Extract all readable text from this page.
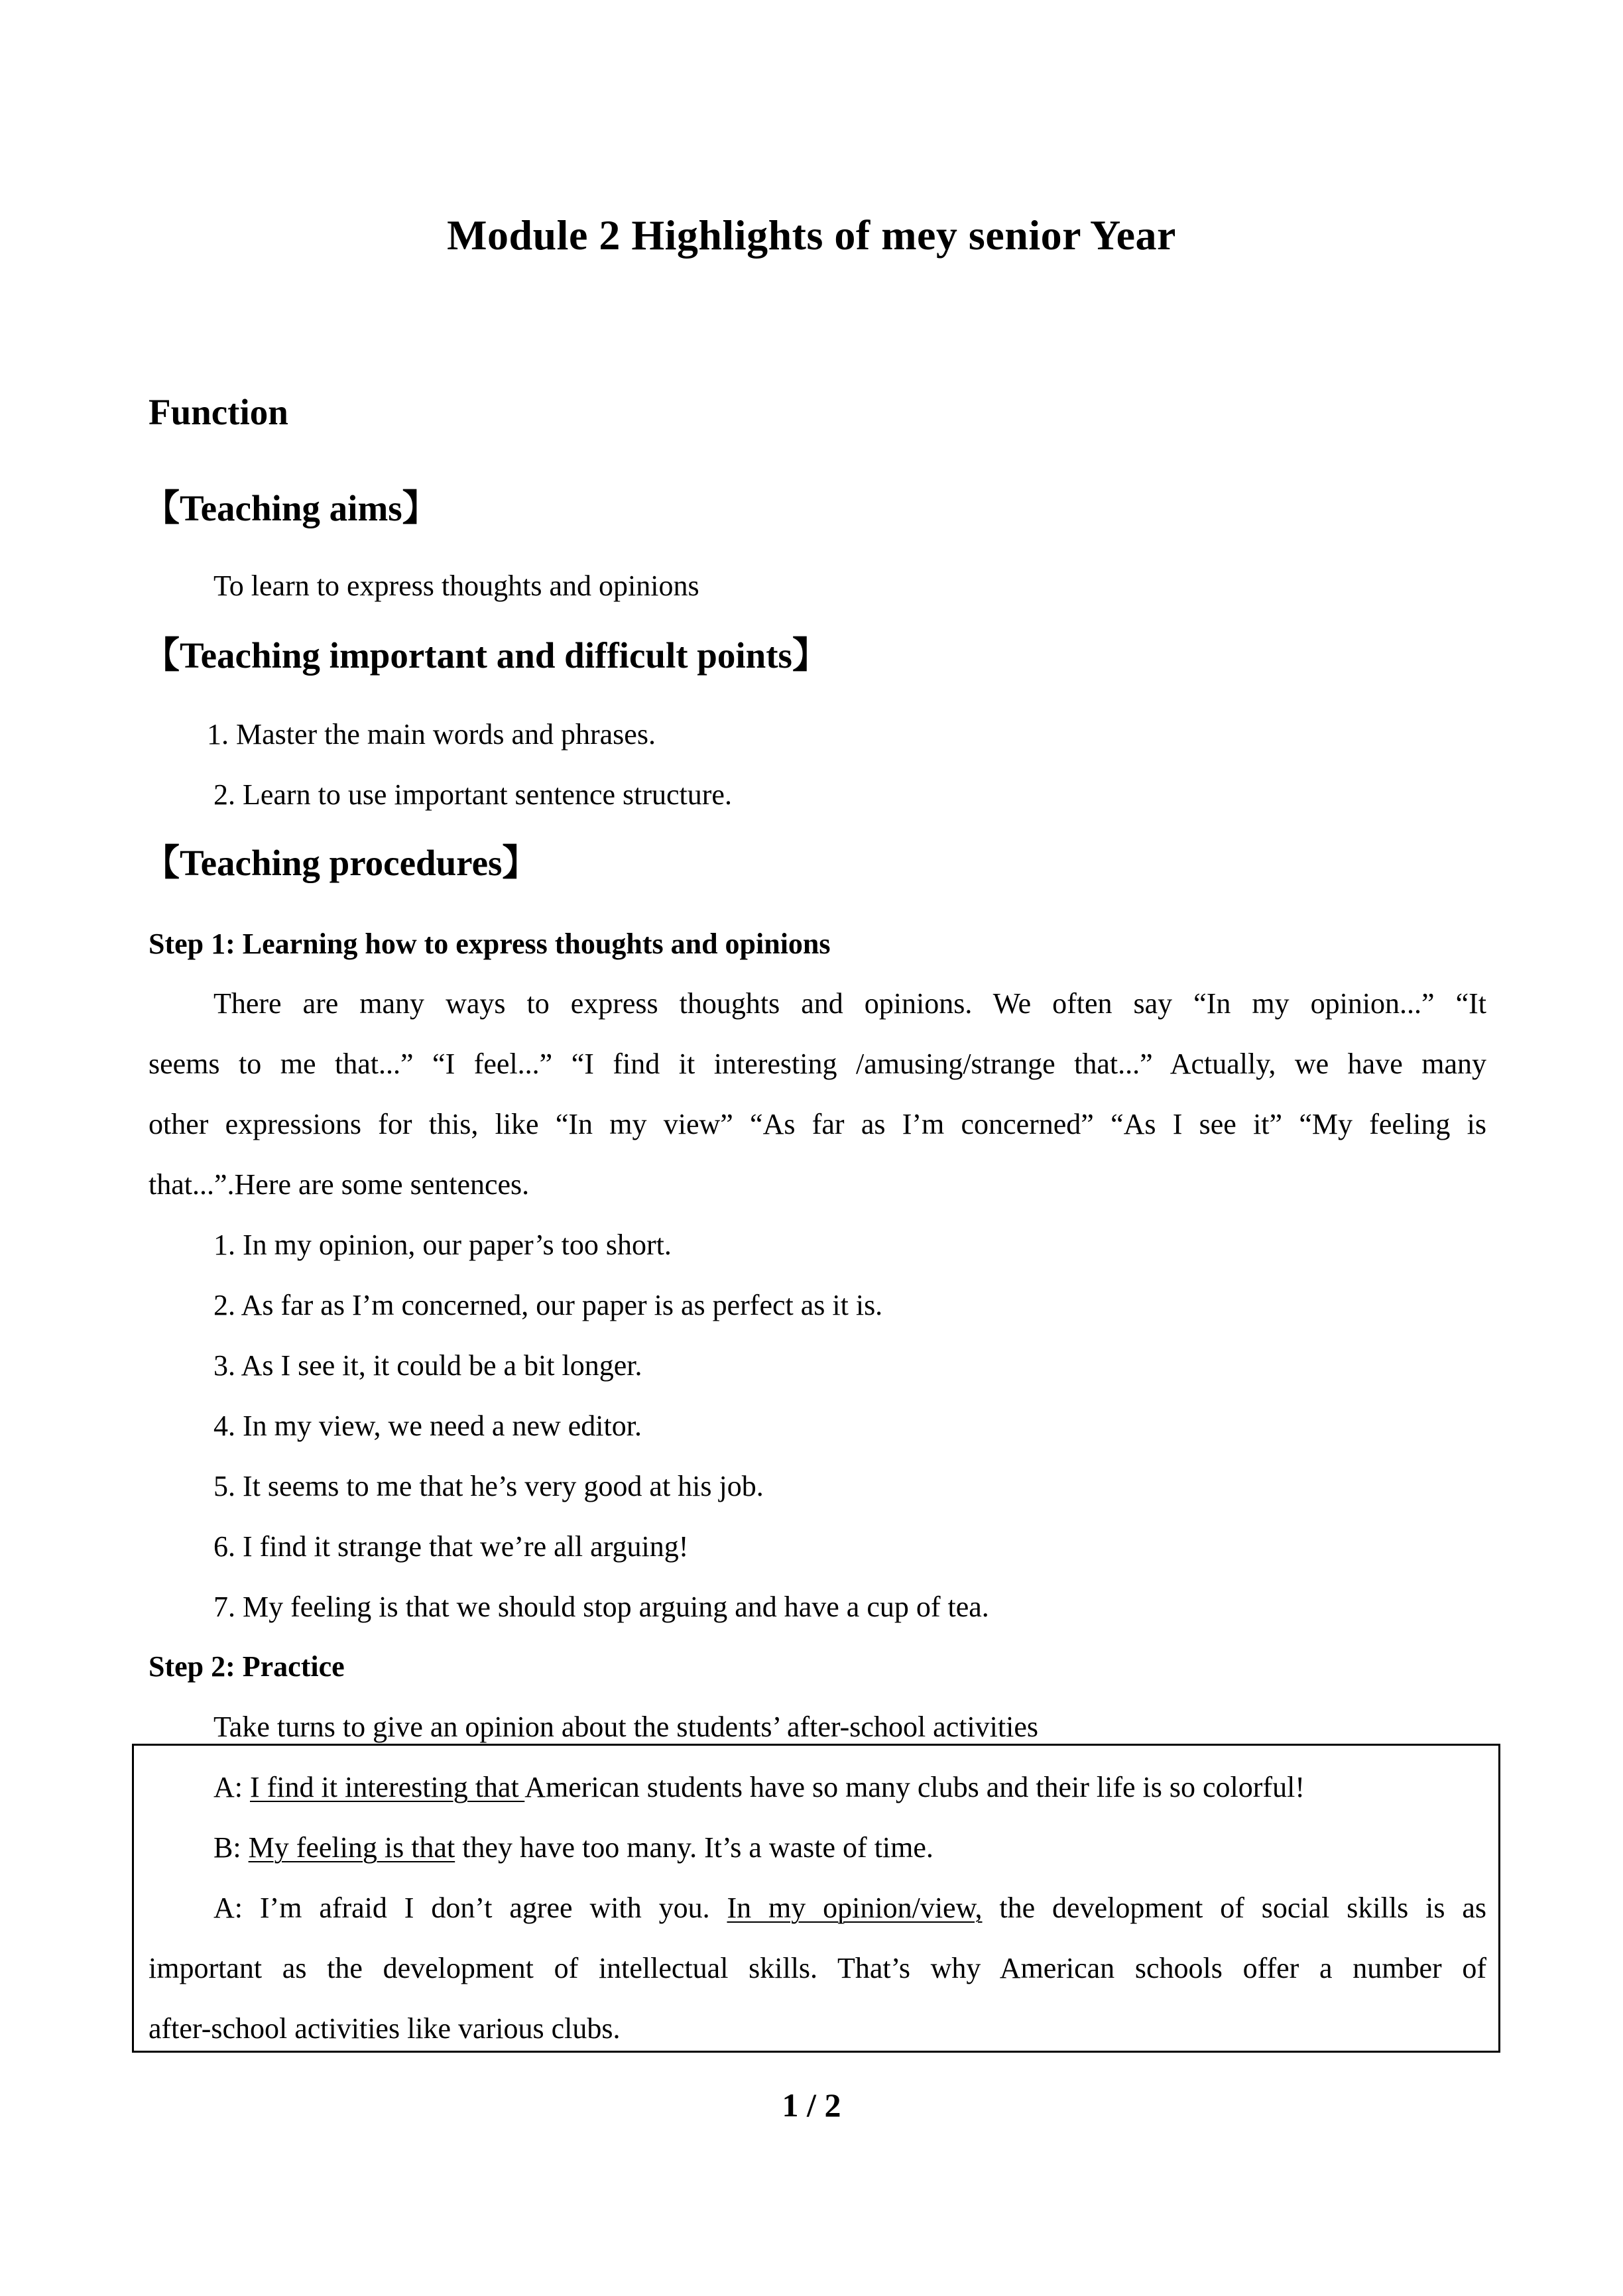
Module 2 Highlights of mey senior Year
Function
【Teaching aims】
To learn to express thoughts and opinions
【Teaching important and difficult points】
1. Master the main words and phrases.
2. Learn to use important sentence structure.
【Teaching procedures】
Step 1: Learning how to express thoughts and opinions
There are many ways to express thoughts and opinions. We often say “In my opinion...” “It
seems to me that...” “I feel...” “I find it interesting /amusing/strange that...” Actually, we have many
other expressions for this, like “In my view” “As far as I’m concerned” “As I see it” “My feeling is
that...”.Here are some sentences.
1. In my opinion, our paper’s too short.
2. As far as I’m concerned, our paper is as perfect as it is.
3. As I see it, it could be a bit longer.
4. In my view, we need a new editor.
5. It seems to me that he’s very good at his job.
6. I find it strange that we’re all arguing!
7. My feeling is that we should stop arguing and have a cup of tea.
Step 2: Practice
Take turns to give an opinion about the students’ after-school activities
A: I find it interesting that American students have so many clubs and their life is so colorful!
B: My feeling is that they have too many. It’s a waste of time.
A: I’m afraid I don’t agree with you. In my opinion/view, the development of social skills is as
important as the development of intellectual skills. That’s why American schools offer a number of
after-school activities like various clubs.
1 / 2
